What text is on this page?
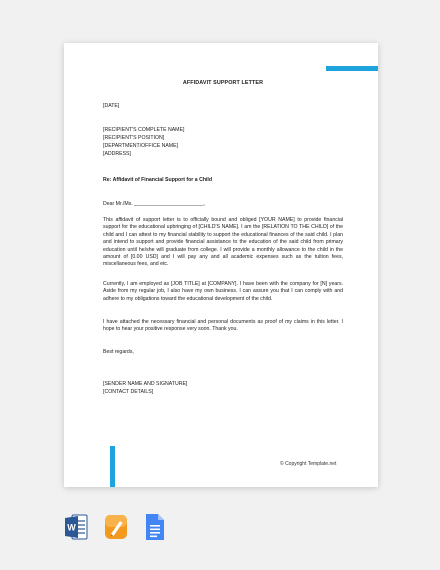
AFFIDAVIT SUPPORT LETTER
[DATE]
[RECIPIENT'S COMPLETE NAME]
[RECIPIENT'S POSITION]
[DEPARTMENT/OFFICE NAME]
[ADDRESS]
Re: Affidavit of Financial Support for a Child
Dear Mr./Ms. ________________________,
This affidavit of support letter is to officially bound and obliged [YOUR NAME] to provide financial support for the educational upbringing of [CHILD'S NAME]. I am the [RELATION TO THE CHILD] of the child and I can attest to my financial stability to support the educational finances of the said child. I plan and intend to support and provide financial assistance to the education of the said child from primary education until he/she will graduate from college. I will provide a monthly allowance to the child in the amount of [0.00 USD] and I will pay any and all academic expenses such as the tuition fees, miscellaneous fees, and etc.
Currently, I am employed as [JOB TITLE] at [COMPANY]. I have been with the company for [N] years. Aside from my regular job, I also have my own business. I can assure you that I can comply with and adhere to my obligations toward the educational development of the child.
I have attached the necessary financial and personal documents as proof of my claims in this letter. I hope to hear your positive response very soon. Thank you.
Best regards,
[SENDER NAME AND SIGNATURE]
[CONTACT DETAILS]
© Copyright Template.net
W
